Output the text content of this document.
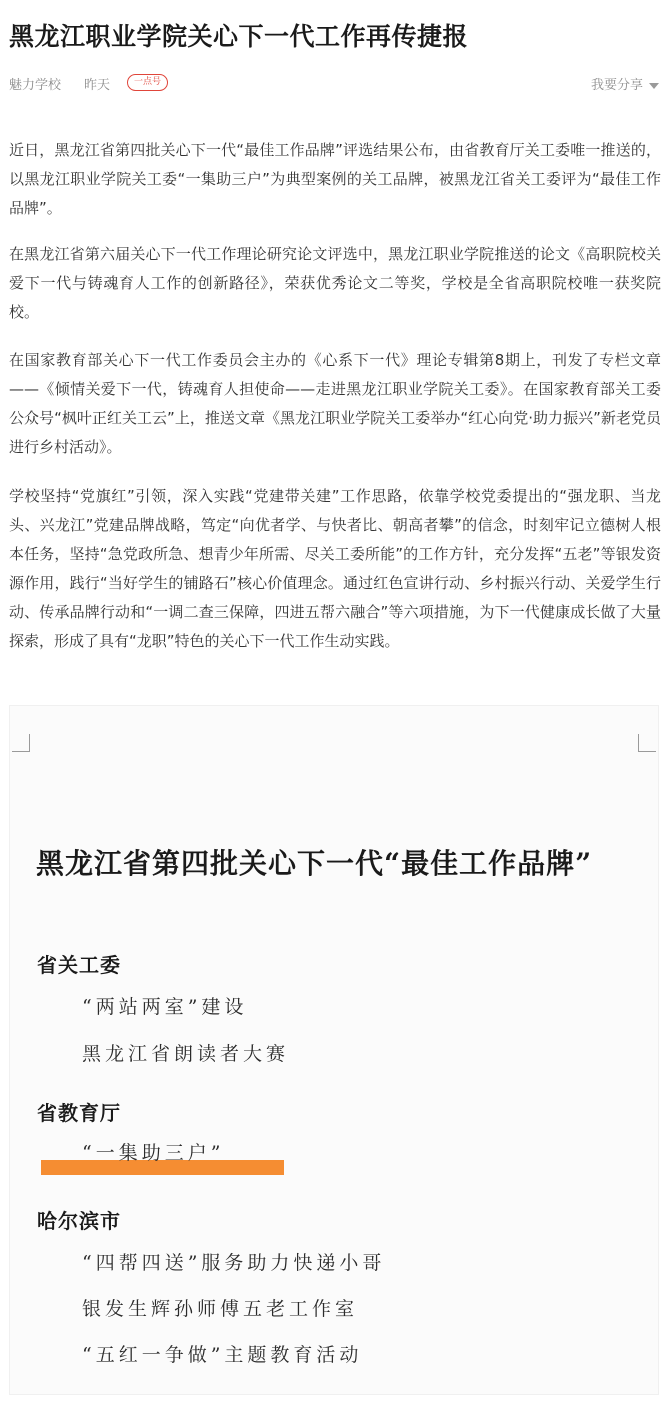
黑龙江职业学院关心下一代工作再传捷报
魅力学校 昨天	一点号	我要分享

近日，黑龙江省第四批关心下一代“最佳工作品牌”评选结果公布，由省教育厅关工委唯一推送的，以黑龙江职业学院关工委“一集助三户”为典型案例的关工品牌，被黑龙江省关工委评为“最佳工作品牌”。

在黑龙江省第六届关心下一代工作理论研究论文评选中，黑龙江职业学院推送的论文《高职院校关爱下一代与铸魂育人工作的创新路径》，荣获优秀论文二等奖，学校是全省高职院校唯一获奖院校。

在国家教育部关心下一代工作委员会主办的《心系下一代》理论专辑第8期上，刊发了专栏文章——《倾情关爱下一代，铸魂育人担使命——走进黑龙江职业学院关工委》。在国家教育部关工委公众号“枫叶正红关工云”上，推送文章《黑龙江职业学院关工委举办“红心向党·助力振兴”新老党员进行乡村活动》。

学校坚持“党旗红”引领，深入实践“党建带关建”工作思路，依靠学校党委提出的“强龙职、当龙头、兴龙江”党建品牌战略，笃定“向优者学、与快者比、朝高者攀”的信念，时刻牢记立德树人根本任务，坚持“急党政所急、想青少年所需、尽关工委所能”的工作方针，充分发挥“五老”等银发资源作用，践行“当好学生的铺路石”核心价值理念。通过红色宣讲行动、乡村振兴行动、关爱学生行动、传承品牌行动和“一调二查三保障，四进五帮六融合”等六项措施，为下一代健康成长做了大量探索，形成了具有“龙职”特色的关心下一代工作生动实践。

黑龙江省第四批关心下一代“最佳工作品牌”
省关工委
“两站两室”建设
黑龙江省朗读者大赛
省教育厅
“一集助三户”
哈尔滨市
“四帮四送”服务助力快递小哥
银发生辉孙师傅五老工作室
“五红一争做”主题教育活动
